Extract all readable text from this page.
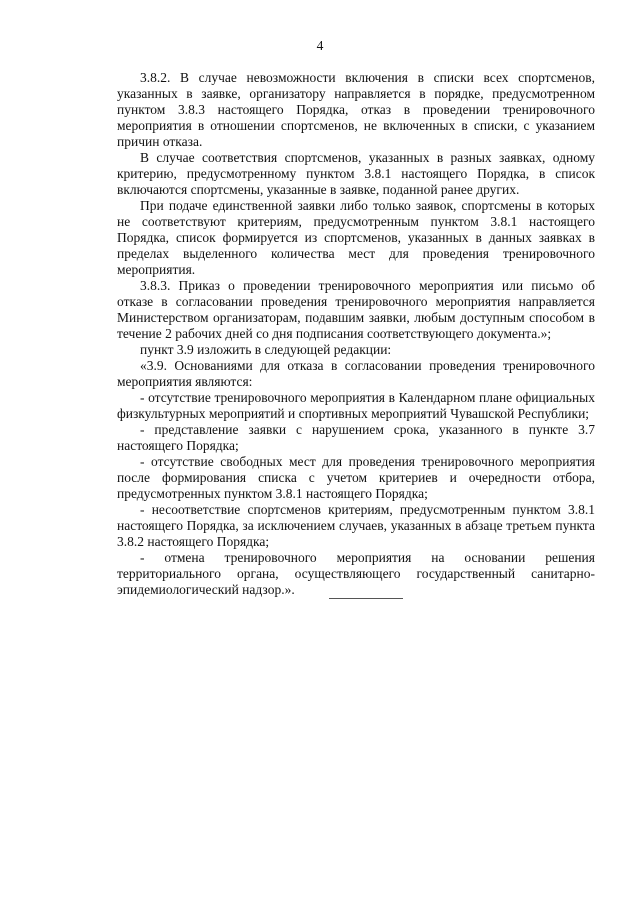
4

3.8.2. В случае невозможности включения в списки всех спортсменов, указанных в заявке, организатору направляется в порядке, предусмотренном пунктом 3.8.3 настоящего Порядка, отказ в проведении тренировочного мероприятия в отношении спортсменов, не включенных в списки, с указанием причин отказа.

В случае соответствия спортсменов, указанных в разных заявках, одному критерию, предусмотренному пунктом 3.8.1 настоящего Порядка, в список включаются спортсмены, указанные в заявке, поданной ранее других.

При подаче единственной заявки либо только заявок, спортсмены в которых не соответствуют критериям, предусмотренным пунктом 3.8.1 настоящего Порядка, список формируется из спортсменов, указанных в данных заявках в пределах выделенного количества мест для проведения тренировочного мероприятия.

3.8.3. Приказ о проведении тренировочного мероприятия или письмо об отказе в согласовании проведения тренировочного мероприятия направляется Министерством организаторам, подавшим заявки, любым доступным способом в течение 2 рабочих дней со дня подписания соответствующего документа.»;

пункт 3.9 изложить в следующей редакции:

«3.9. Основаниями для отказа в согласовании проведения тренировочного мероприятия являются:

- отсутствие тренировочного мероприятия в Календарном плане официальных физкультурных мероприятий и спортивных мероприятий Чувашской Республики;

- представление заявки с нарушением срока, указанного в пункте 3.7 настоящего Порядка;

- отсутствие свободных мест для проведения тренировочного мероприятия после формирования списка с учетом критериев и очередности отбора, предусмотренных пунктом 3.8.1 настоящего Порядка;

- несоответствие спортсменов критериям, предусмотренным пунктом 3.8.1 настоящего Порядка, за исключением случаев, указанных в абзаце третьем пункта 3.8.2 настоящего Порядка;

- отмена тренировочного мероприятия на основании решения территориального органа, осуществляющего государственный санитарно-

эпидемиологический надзор.».
